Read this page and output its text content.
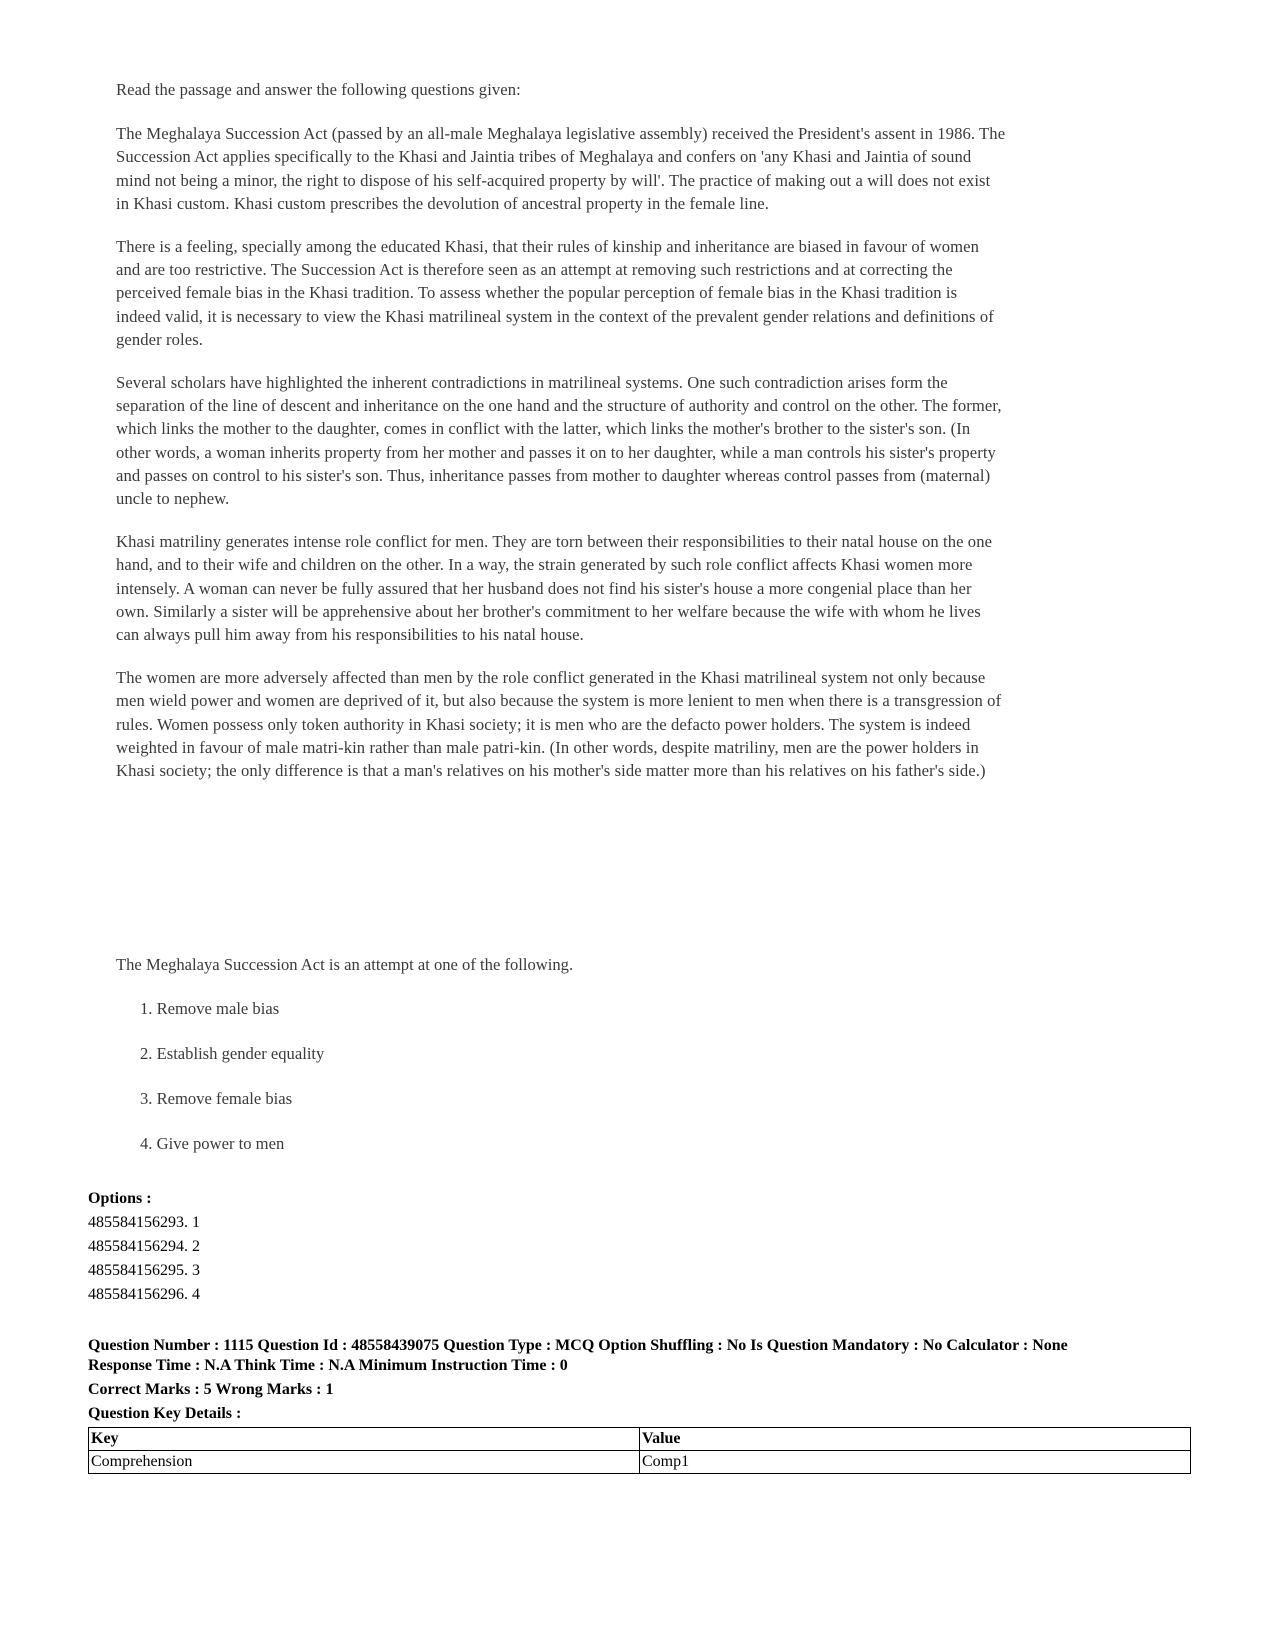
Read the passage and answer the following questions given:

The Meghalaya Succession Act (passed by an all-male Meghalaya legislative assembly) received the President's assent in 1986. The Succession Act applies specifically to the Khasi and Jaintia tribes of Meghalaya and confers on 'any Khasi and Jaintia of sound mind not being a minor, the right to dispose of his self-acquired property by will'. The practice of making out a will does not exist in Khasi custom. Khasi custom prescribes the devolution of ancestral property in the female line.

There is a feeling, specially among the educated Khasi, that their rules of kinship and inheritance are biased in favour of women and are too restrictive. The Succession Act is therefore seen as an attempt at removing such restrictions and at correcting the perceived female bias in the Khasi tradition. To assess whether the popular perception of female bias in the Khasi tradition is indeed valid, it is necessary to view the Khasi matrilineal system in the context of the prevalent gender relations and definitions of gender roles.

Several scholars have highlighted the inherent contradictions in matrilineal systems. One such contradiction arises form the separation of the line of descent and inheritance on the one hand and the structure of authority and control on the other. The former, which links the mother to the daughter, comes in conflict with the latter, which links the mother's brother to the sister's son. (In other words, a woman inherits property from her mother and passes it on to her daughter, while a man controls his sister's property and passes on control to his sister's son. Thus, inheritance passes from mother to daughter whereas control passes from (maternal) uncle to nephew.

Khasi matriliny generates intense role conflict for men. They are torn between their responsibilities to their natal house on the one hand, and to their wife and children on the other. In a way, the strain generated by such role conflict affects Khasi women more intensely. A woman can never be fully assured that her husband does not find his sister's house a more congenial place than her own. Similarly a sister will be apprehensive about her brother's commitment to her welfare because the wife with whom he lives can always pull him away from his responsibilities to his natal house.

The women are more adversely affected than men by the role conflict generated in the Khasi matrilineal system not only because men wield power and women are deprived of it, but also because the system is more lenient to men when there is a transgression of rules. Women possess only token authority in Khasi society; it is men who are the defacto power holders. The system is indeed weighted in favour of male matri-kin rather than male patri-kin. (In other words, despite matriliny, men are the power holders in Khasi society; the only difference is that a man's relatives on his mother's side matter more than his relatives on his father's side.)

The Meghalaya Succession Act is an attempt at one of the following.
1. Remove male bias
2. Establish gender equality
3. Remove female bias
4. Give power to men
Options :
485584156293. 1
485584156294. 2
485584156295. 3
485584156296. 4
Question Number : 1115 Question Id : 48558439075 Question Type : MCQ Option Shuffling : No Is Question Mandatory : No Calculator : None
Response Time : N.A Think Time : N.A Minimum Instruction Time : 0
Correct Marks : 5 Wrong Marks : 1
Question Key Details :
Key	Value
Comprehension	Comp1
